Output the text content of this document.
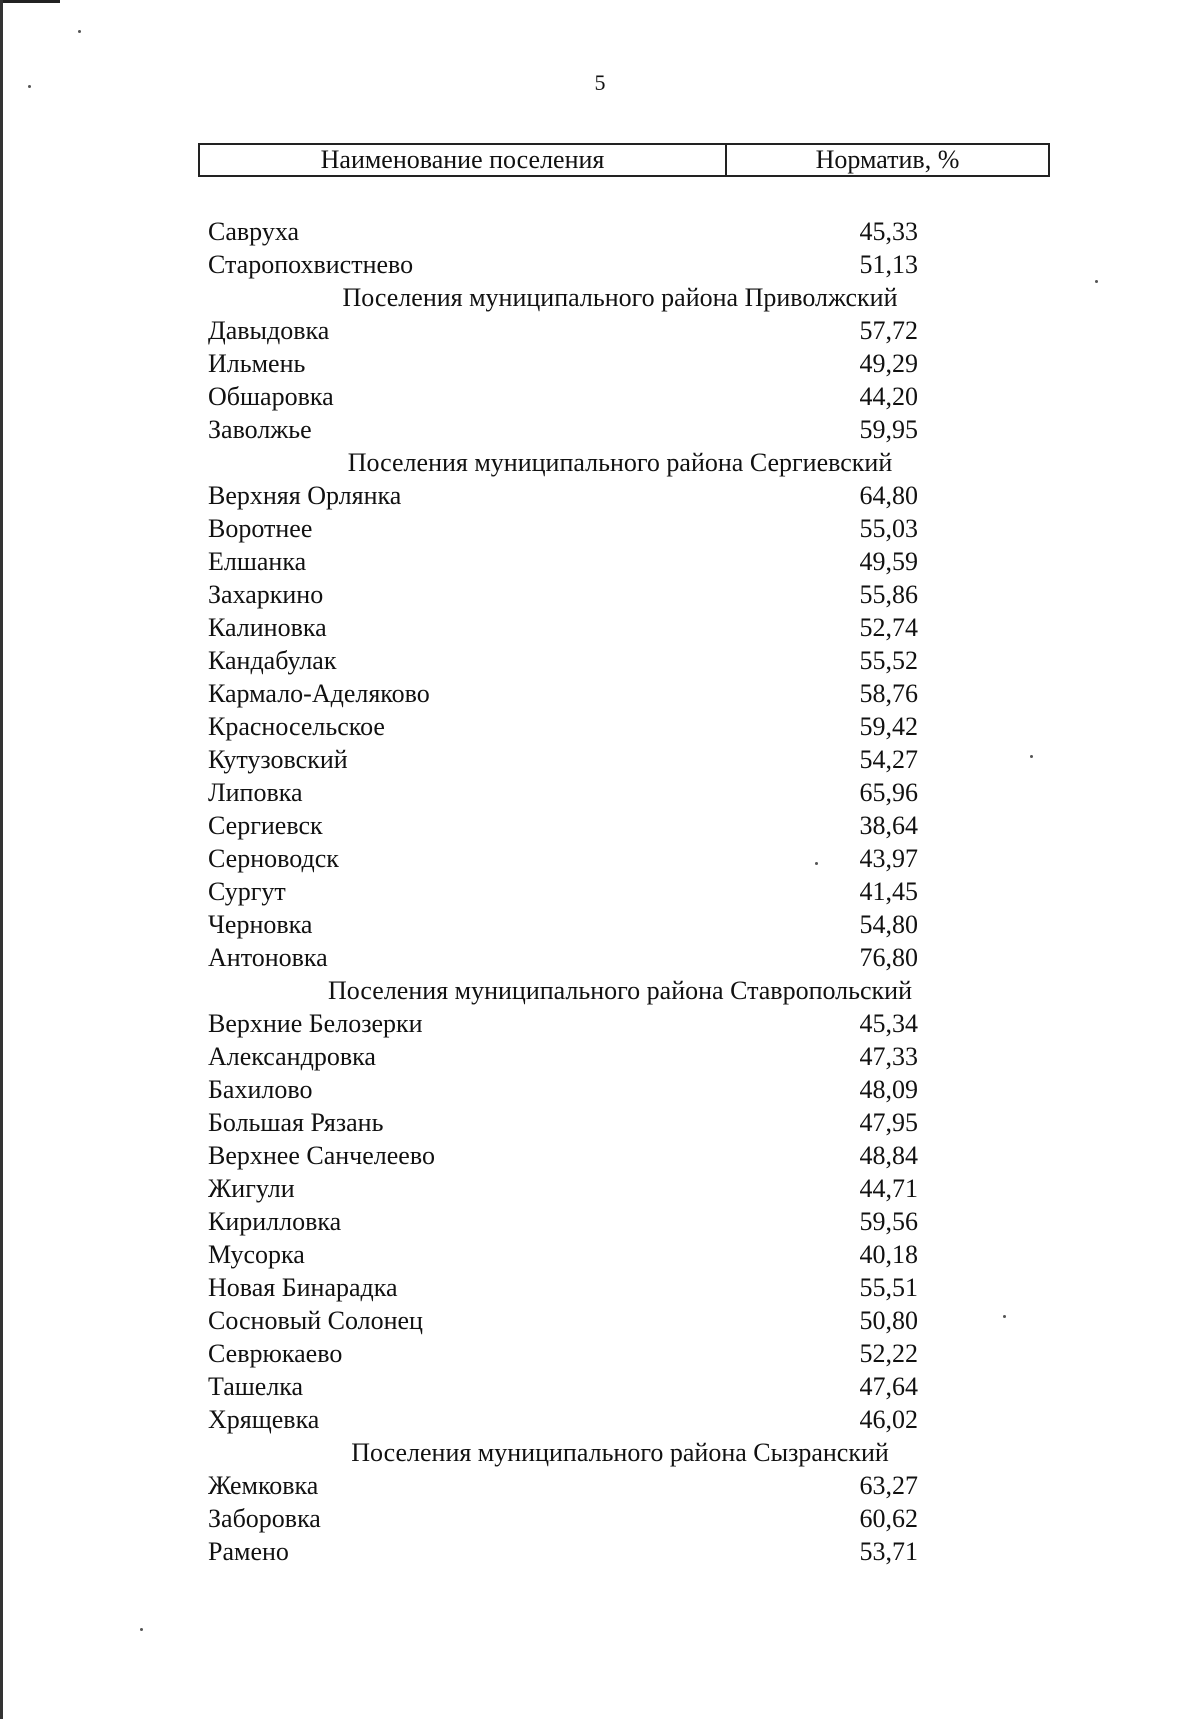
5
Наименование поселения	Норматив, %
Савруха	45,33
Старопохвистнево	51,13
Поселения муниципального района Приволжский
Давыдовка	57,72
Ильмень	49,29
Обшаровка	44,20
Заволжье	59,95
Поселения муниципального района Сергиевский
Верхняя Орлянка	64,80
Воротнее	55,03
Елшанка	49,59
Захаркино	55,86
Калиновка	52,74
Кандабулак	55,52
Кармало-Аделяково	58,76
Красносельское	59,42
Кутузовский	54,27
Липовка	65,96
Сергиевск	38,64
Серноводск	43,97
Сургут	41,45
Черновка	54,80
Антоновка	76,80
Поселения муниципального района Ставропольский
Верхние Белозерки	45,34
Александровка	47,33
Бахилово	48,09
Большая Рязань	47,95
Верхнее Санчелеево	48,84
Жигули	44,71
Кирилловка	59,56
Мусорка	40,18
Новая Бинарадка	55,51
Сосновый Солонец	50,80
Севрюкаево	52,22
Ташелка	47,64
Хрящевка	46,02
Поселения муниципального района Сызранский
Жемковка	63,27
Заборовка	60,62
Рамено	53,71
